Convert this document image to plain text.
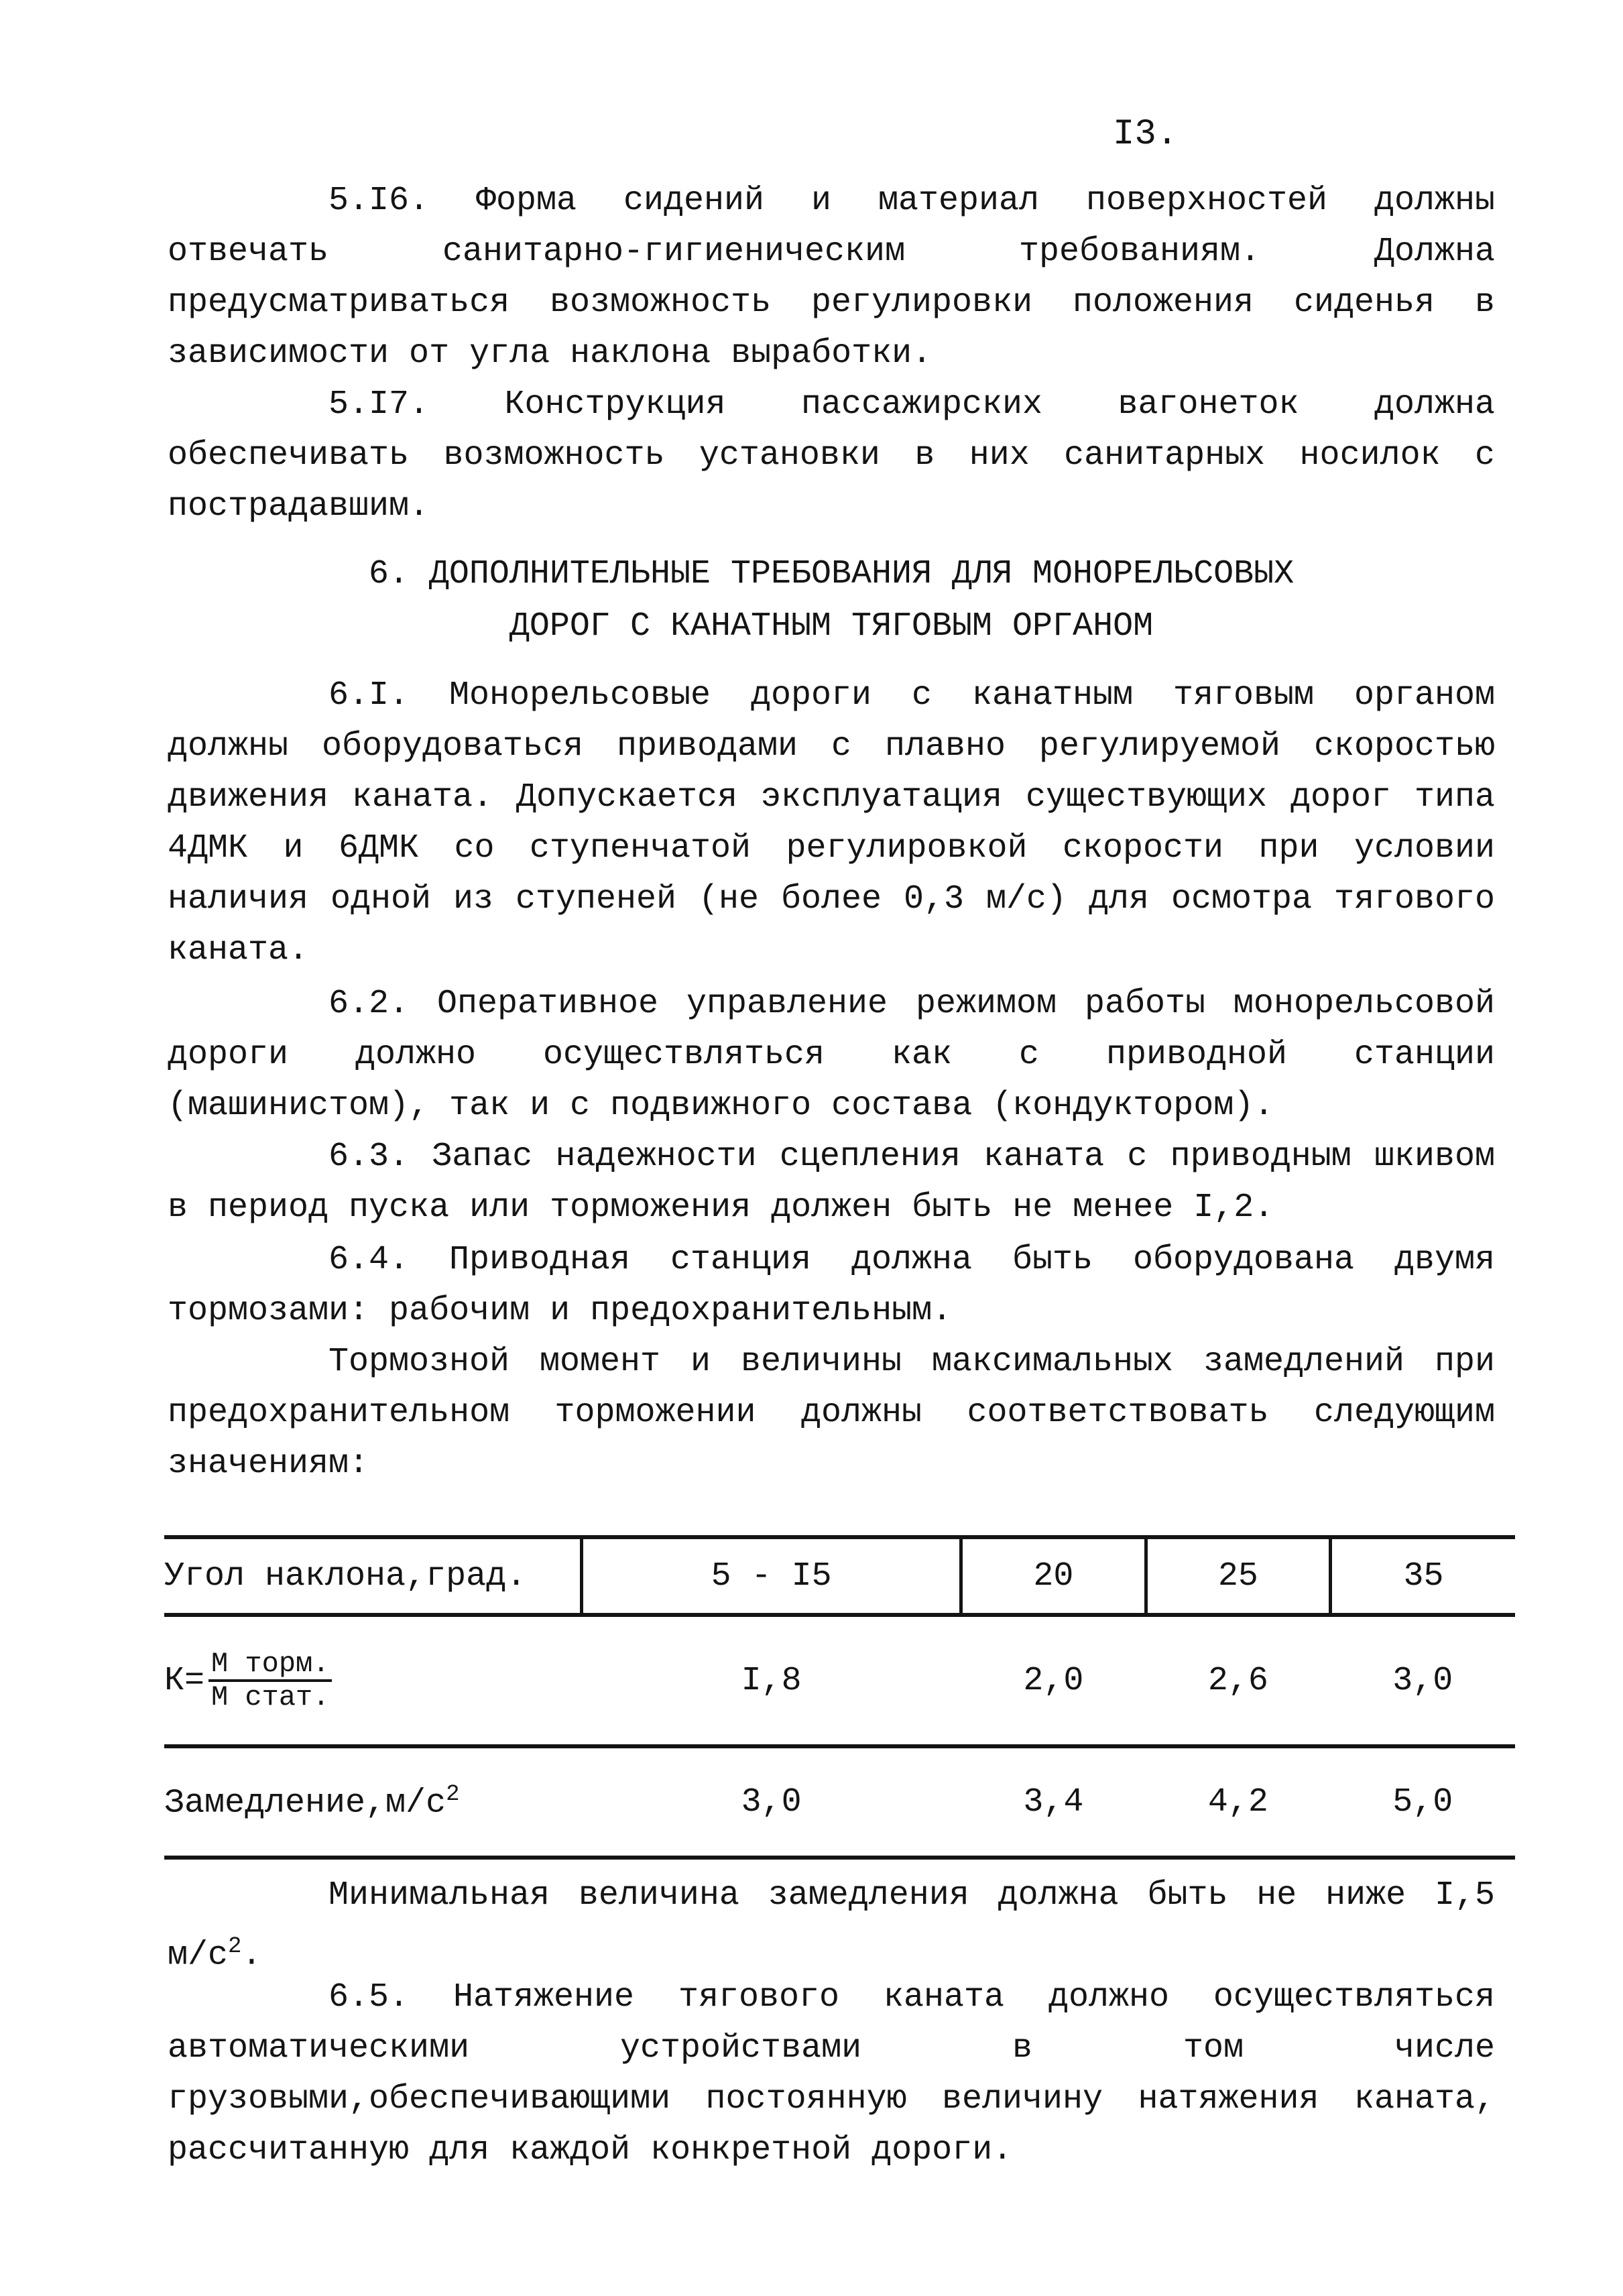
I3.

5.I6. Форма сидений и материал поверхностей должны отвечать санитарно-гигиеническим требованиям. Должна предусматриваться возможность регулировки положения сиденья в зависимости от угла наклона выработки.

5.I7. Конструкция пассажирских вагонеток должна обеспечивать возможность установки в них санитарных носилок с пострадавшим.

6. ДОПОЛНИТЕЛЬНЫЕ ТРЕБОВАНИЯ ДЛЯ МОНОРЕЛЬСОВЫХ
ДОРОГ С КАНАТНЫМ ТЯГОВЫМ ОРГАНОМ

6.I. Монорельсовые дороги с канатным тяговым органом должны оборудоваться приводами с плавно регулируемой скоростью движения каната. Допускается эксплуатация существующих дорог типа 4ДМК и 6ДМК со ступенчатой регулировкой скорости при условии наличия одной из ступеней (не более 0,3 м/с) для осмотра тягового каната.

6.2. Оперативное управление режимом работы монорельсовой дороги должно осуществляться как с приводной станции (машинистом), так и с подвижного состава (кондуктором).

6.3. Запас надежности сцепления каната с приводным шкивом в период пуска или торможения должен быть не менее I,2.

6.4. Приводная станция должна быть оборудована двумя тормозами: рабочим и предохранительным.

Тормозной момент и величины максимальных замедлений при предохранительном торможении должны соответствовать следующим значениям:

Угол наклона,град.	5 - I5	20	25	35
$К= \frac{\text{М торм.}}{\text{М стат.}}$	I,8	2,0	2,6	3,0
$Замедление,м/с^2$	3,0	3,4	4,2	5,0

Минимальная величина замедления должна быть не ниже I,5 $м/с^2$.

6.5. Натяжение тягового каната должно осуществляться автоматическими устройствами в том числе грузовыми,обеспечивающими постоянную величину натяжения каната, рассчитанную для каждой конкретной дороги.
